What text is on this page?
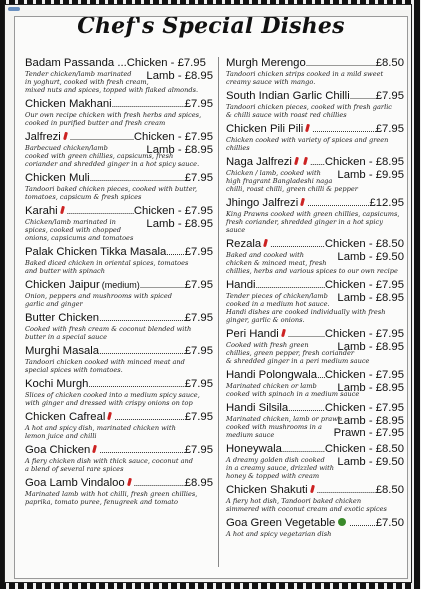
Chef's Special Dishes
Badam Passanda ...Chicken - £7.95
Lamb - £8.95
Tender chicken/lamb marinated
in yoghurt, cooked with fresh cream,
mixed nuts and spices, topped with flaked almonds.
Chicken Makhani .....	£7.95
Our own recipe chicken with fresh herbs and spices,
cooked in purified butter and fresh cream
Jalfrezi .....	Chicken - £7.95
Lamb - £8.95
Barbecued chicken/lamb
cooked with green chillies, capsicums, fresh
coriander and shredded ginger in a hot spicy sauce.
Chicken Muli .....	£7.95
Tandoori baked chicken pieces, cooked with butter,
tomatoes, capsicum & fresh spices
Karahi .....	Chicken - £7.95
Lamb - £8.95
Chicken/lamb marinated in
spices, cooked with chopped
onions, capsicums and tomatoes
Palak Chicken Tikka Masala ..... £7.95
Baked diced chicken in oriental spices, tomatoes
and butter with spinach
Chicken Jaipur (medium) .....	£7.95
Onion, peppers and mushrooms with spiced
garlic and ginger
Butter Chicken .....	£7.95
Cooked with fresh cream & coconut blended with
butter in a special sauce
Murghi Masala .....	£7.95
Tandoori chicken cooked with minced meat and
special spices with tomatoes.
Kochi Murgh .....	£7.95
Slices of chicken cooked into a medium spicy sauce,
with ginger and dressed with crispy onions on top
Chicken Cafreal .....	£7.95
A hot and spicy dish, marinated chicken with
lemon juice and chilli
Goa Chicken .....	£7.95
A fiery chicken dish with thick sauce, coconut and
a blend of several rare spices
Goa Lamb Vindaloo .....	£8.95
Marinated lamb with hot chilli, fresh green chillies,
paprika, tomato puree, fenugreek and tomato
Murgh Merengo .....	£8.50
Tandoori chicken strips cooked in a mild sweet
creamy sauce with mango.
South Indian Garlic Chilli ..... £7.95
Tandoori chicken pieces, cooked with fresh garlic
& chilli sauce with roast red chillies
Chicken Pili Pili .....	£7.95
Chicken cooked with variety of spices and green chillies
Naga Jalfrezi .....	Chicken - £8.95
Lamb - £9.95
Chicken / lamb, cooked with
high fragrant Bangladeshi naga
chilli, roast chilli, green chilli & pepper
Jhingo Jalfrezi .....	£12.95
King Prawns cooked with green chillies, capsicums,
fresh coriander, shredded ginger in a hot spicy sauce
Rezala .....	Chicken - £8.50
Lamb - £9.50
Baked and cooked with
chicken & minced meat, fresh
chillies, herbs and various spices to our own recipe
Handi .....	Chicken - £7.95
Lamb - £8.95
Tender pieces of chicken/lamb
cooked in a medium hot sauce.
Handi dishes are cooked individually with fresh
ginger, garlic & onions.
Peri Handi .....	Chicken - £7.95
Lamb - £8.95
Cooked with fresh green
chillies, green pepper, fresh coriander
& shredded ginger in a peri medium sauce
Handi Polongwala ..... Chicken - £7.95
Lamb - £8.95
Marinated chicken or lamb
cooked with spinach in a medium sauce
Handi Silsila .....	Chicken - £7.95
Lamb - £8.95
Prawn - £7.95
Marinated chicken, lamb or prawn
cooked with mushrooms in a
medium sauce
Honeywala .....	Chicken - £8.50
Lamb - £9.50
A dreamy golden dish cooked
in a creamy sauce, drizzled with
honey & topped with cream
Chicken Shakuti .....	£8.50
A fiery hot dish, Tandoori baked chicken
simmered with coconut cream and exotic spices
Goa Green Vegetable .....	£7.50
A hot and spicy vegetarian dish
